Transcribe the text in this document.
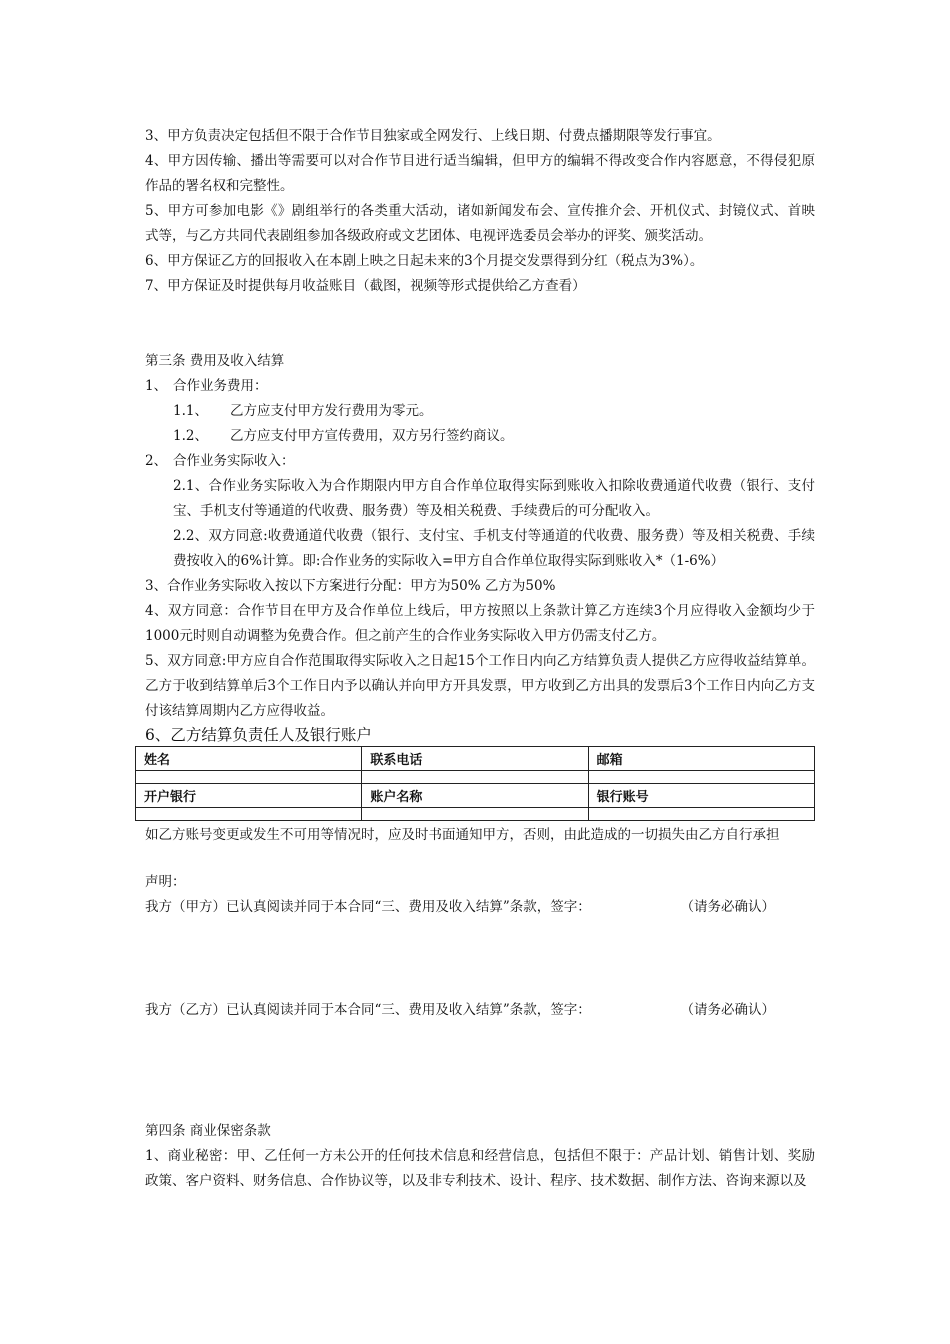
3、甲方负责决定包括但不限于合作节目独家或全网发行、上线日期、付费点播期限等发行事宜。

4、甲方因传输、播出等需要可以对合作节目进行适当编辑，但甲方的编辑不得改变合作内容愿意，不得侵犯原作品的署名权和完整性。

5、甲方可参加电影《》剧组举行的各类重大活动，诸如新闻发布会、宣传推介会、开机仪式、封镜仪式、首映式等，与乙方共同代表剧组参加各级政府或文艺团体、电视评选委员会举办的评奖、颁奖活动。

6、甲方保证乙方的回报收入在本剧上映之日起未来的3个月提交发票得到分红（税点为3%）。

7、甲方保证及时提供每月收益账目（截图，视频等形式提供给乙方查看）

第三条 费用及收入结算

1、 合作业务费用：
1.1、	乙方应支付甲方发行费用为零元。
1.2、	乙方应支付甲方宣传费用，双方另行签约商议。
2、 合作业务实际收入：

2.1、合作业务实际收入为合作期限内甲方自合作单位取得实际到账收入扣除收费通道代收费（银行、支付宝、手机支付等通道的代收费、服务费）等及相关税费、手续费后的可分配收入。

2.2、双方同意:收费通道代收费（银行、支付宝、手机支付等通道的代收费、服务费）等及相关税费、手续费按收入的6%计算。即:合作业务的实际收入=甲方自合作单位取得实际到账收入*（1-6%）

3、合作业务实际收入按以下方案进行分配：甲方为50% 乙方为50%

4、双方同意：合作节目在甲方及合作单位上线后，甲方按照以上条款计算乙方连续3个月应得收入金额均少于1000元时则自动调整为免费合作。但之前产生的合作业务实际收入甲方仍需支付乙方。

5、双方同意:甲方应自合作范围取得实际收入之日起15个工作日内向乙方结算负责人提供乙方应得收益结算单。乙方于收到结算单后3个工作日内予以确认并向甲方开具发票，甲方收到乙方出具的发票后3个工作日内向乙方支付该结算周期内乙方应得收益。

6、乙方结算负责任人及银行账户

姓名	联系电话	邮箱

开户银行	账户名称	银行账号

如乙方账号变更或发生不可用等情况时，应及时书面通知甲方，否则，由此造成的一切损失由乙方自行承担

声明：

我方（甲方）已认真阅读并同于本合同“三、费用及收入结算”条款，签字：	（请务必确认）
我方（乙方）已认真阅读并同于本合同“三、费用及收入结算”条款，签字：	（请务必确认）

第四条 商业保密条款

1、商业秘密：甲、乙任何一方未公开的任何技术信息和经营信息，包括但不限于：产品计划、销售计划、奖励政策、客户资料、财务信息、合作协议等，以及非专利技术、设计、程序、技术数据、制作方法、咨询来源以及
